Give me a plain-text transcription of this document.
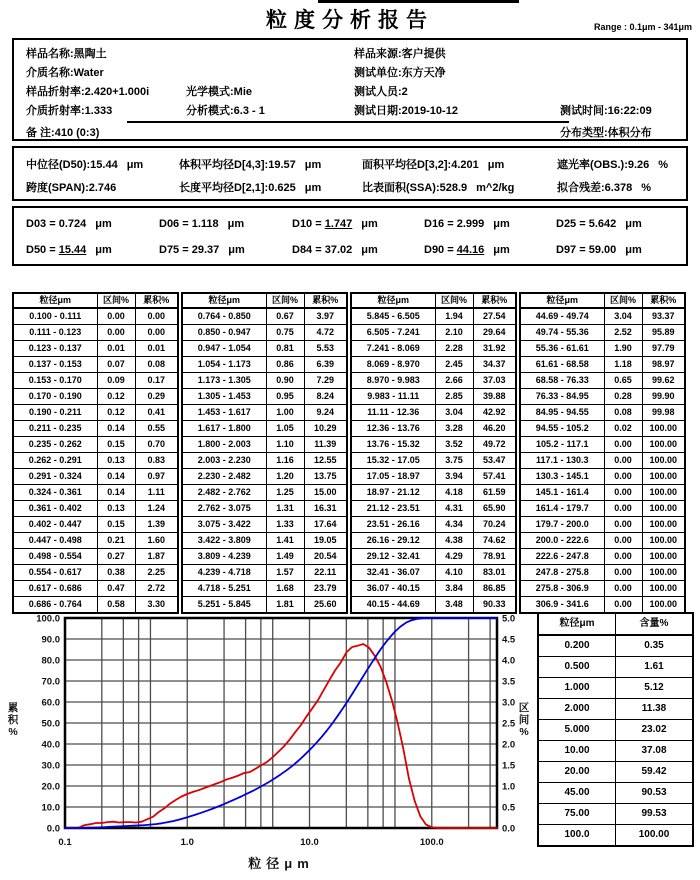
粒度分析报告	Range : 0.1μm - 341μm
样品名称:黑陶土	样品来源:客户提供
介质名称:Water	测试单位:东方天净
样品折射率:2.420+1.000i	光学模式:Mie	测试人员:2
介质折射率:1.333	分析模式:6.3 - 1	测试日期:2019-10-12	测试时间:16:22:09
备 注:410 (0:3)	分布类型:体积分布
中位径(D50):15.44 μm	体积平均径D[4,3]:19.57 μm	面积平均径D[3,2]:4.201 μm	遮光率(OBS.):9.26 %
跨度(SPAN):2.746	长度平均径D[2,1]:0.625 μm	比表面积(SSA):528.9 m^2/kg	拟合残差:6.378 %
D03 = 0.724 μm	D06 = 1.118 μm	D10 = 1.747 μm	D16 = 2.999 μm	D25 = 5.642 μm
D50 = 15.44 μm	D75 = 29.37 μm	D84 = 37.02 μm	D90 = 44.16 μm	D97 = 59.00 μm
粒径μm	区间%	累积%
0.100 - 0.111	0.00	0.00
0.111 - 0.123	0.00	0.00
0.123 - 0.137	0.01	0.01
0.137 - 0.153	0.07	0.08
0.153 - 0.170	0.09	0.17
0.170 - 0.190	0.12	0.29
0.190 - 0.211	0.12	0.41
0.211 - 0.235	0.14	0.55
0.235 - 0.262	0.15	0.70
0.262 - 0.291	0.13	0.83
0.291 - 0.324	0.14	0.97
0.324 - 0.361	0.14	1.11
0.361 - 0.402	0.13	1.24
0.402 - 0.447	0.15	1.39
0.447 - 0.498	0.21	1.60
0.498 - 0.554	0.27	1.87
0.554 - 0.617	0.38	2.25
0.617 - 0.686	0.47	2.72
0.686 - 0.764	0.58	3.30
粒径μm	区间%	累积%
0.764 - 0.850	0.67	3.97
0.850 - 0.947	0.75	4.72
0.947 - 1.054	0.81	5.53
1.054 - 1.173	0.86	6.39
1.173 - 1.305	0.90	7.29
1.305 - 1.453	0.95	8.24
1.453 - 1.617	1.00	9.24
1.617 - 1.800	1.05	10.29
1.800 - 2.003	1.10	11.39
2.003 - 2.230	1.16	12.55
2.230 - 2.482	1.20	13.75
2.482 - 2.762	1.25	15.00
2.762 - 3.075	1.31	16.31
3.075 - 3.422	1.33	17.64
3.422 - 3.809	1.41	19.05
3.809 - 4.239	1.49	20.54
4.239 - 4.718	1.57	22.11
4.718 - 5.251	1.68	23.79
5.251 - 5.845	1.81	25.60
粒径μm	区间%	累积%
5.845 - 6.505	1.94	27.54
6.505 - 7.241	2.10	29.64
7.241 - 8.069	2.28	31.92
8.069 - 8.970	2.45	34.37
8.970 - 9.983	2.66	37.03
9.983 - 11.11	2.85	39.88
11.11 - 12.36	3.04	42.92
12.36 - 13.76	3.28	46.20
13.76 - 15.32	3.52	49.72
15.32 - 17.05	3.75	53.47
17.05 - 18.97	3.94	57.41
18.97 - 21.12	4.18	61.59
21.12 - 23.51	4.31	65.90
23.51 - 26.16	4.34	70.24
26.16 - 29.12	4.38	74.62
29.12 - 32.41	4.29	78.91
32.41 - 36.07	4.10	83.01
36.07 - 40.15	3.84	86.85
40.15 - 44.69	3.48	90.33
粒径μm	区间%	累积%
44.69 - 49.74	3.04	93.37
49.74 - 55.36	2.52	95.89
55.36 - 61.61	1.90	97.79
61.61 - 68.58	1.18	98.97
68.58 - 76.33	0.65	99.62
76.33 - 84.95	0.28	99.90
84.95 - 94.55	0.08	99.98
94.55 - 105.2	0.02	100.00
105.2 - 117.1	0.00	100.00
117.1 - 130.3	0.00	100.00
130.3 - 145.1	0.00	100.00
145.1 - 161.4	0.00	100.00
161.4 - 179.7	0.00	100.00
179.7 - 200.0	0.00	100.00
200.0 - 222.6	0.00	100.00
222.6 - 247.8	0.00	100.00
247.8 - 275.8	0.00	100.00
275.8 - 306.9	0.00	100.00
306.9 - 341.6	0.00	100.00
100.0
90.0
80.0
70.0
60.0
50.0
40.0
30.0
20.0
10.0
0.0
5.0
4.5
4.0
3.5
3.0
2.5
2.0
1.5
1.0
0.5
0.0
0.1	1.0	10.0	100.0
粒径μm
累积%
区间%
粒径μm	含量%
0.200	0.35
0.500	1.61
1.000	5.12
2.000	11.38
5.000	23.02
10.00	37.08
20.00	59.42
45.00	90.53
75.00	99.53
100.0	100.00
